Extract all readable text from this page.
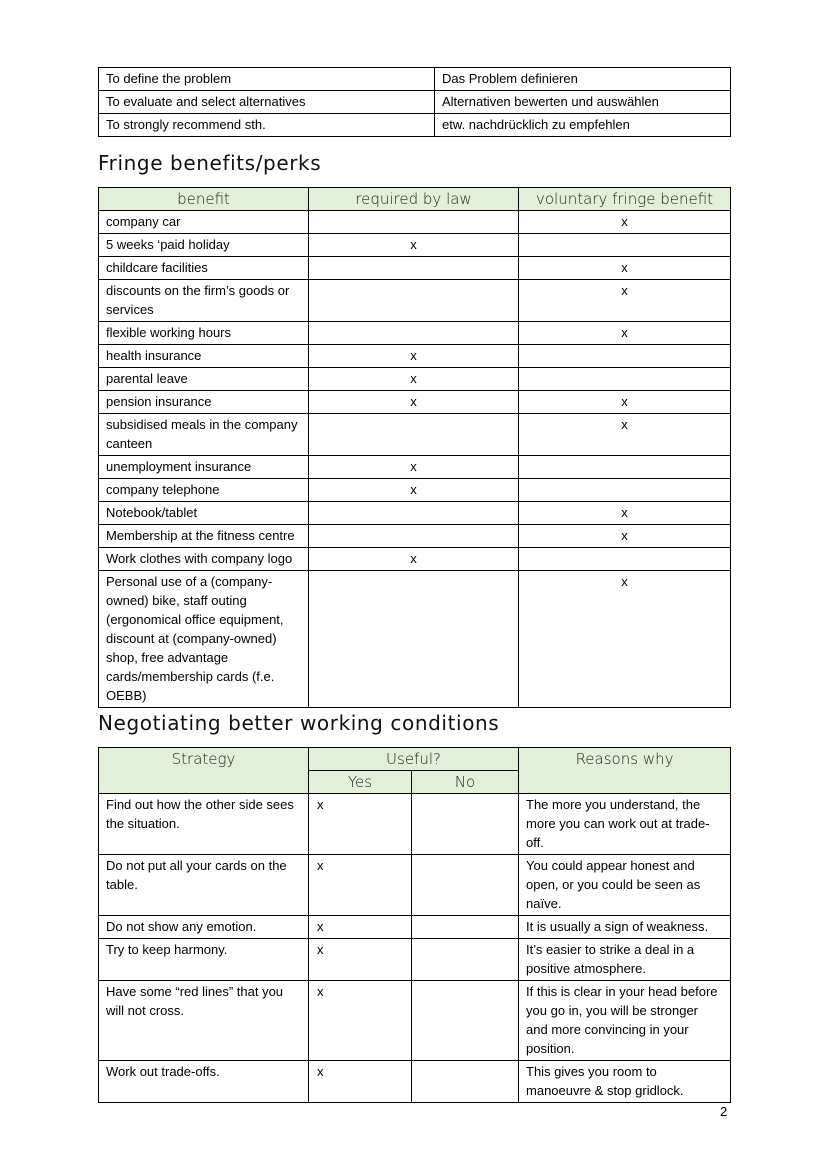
To define the problem	Das Problem definieren
To evaluate and select alternatives	Alternativen bewerten und auswählen
To strongly recommend sth.	etw. nachdrücklich zu empfehlen
Fringe benefits/perks
benefit	required by law	voluntary fringe benefit
company car		x
5 weeks ‘paid holiday	x	
childcare facilities		x
discounts on the firm’s goods or services		x
flexible working hours		x
health insurance	x	
parental leave	x	
pension insurance	x	x
subsidised meals in the company canteen		x
unemployment insurance	x	
company telephone	x	
Notebook/tablet		x
Membership at the fitness centre		x
Work clothes with company logo	x	
Personal use of a (company-owned) bike, staff outing (ergonomical office equipment, discount at (company-owned) shop, free advantage cards/membership cards (f.e. OEBB)		x
Negotiating better working conditions
Strategy	Useful?		Reasons why
	Yes	No	
Find out how the other side sees the situation.	x		The more you understand, the more you can work out at trade-off.
Do not put all your cards on the table.	x		You could appear honest and open, or you could be seen as naïve.
Do not show any emotion.	x		It is usually a sign of weakness.
Try to keep harmony.	x		It’s easier to strike a deal in a positive atmosphere.
Have some “red lines” that you will not cross.	x		If this is clear in your head before you go in, you will be stronger and more convincing in your position.
Work out trade-offs.	x		This gives you room to manoeuvre & stop gridlock.
2
